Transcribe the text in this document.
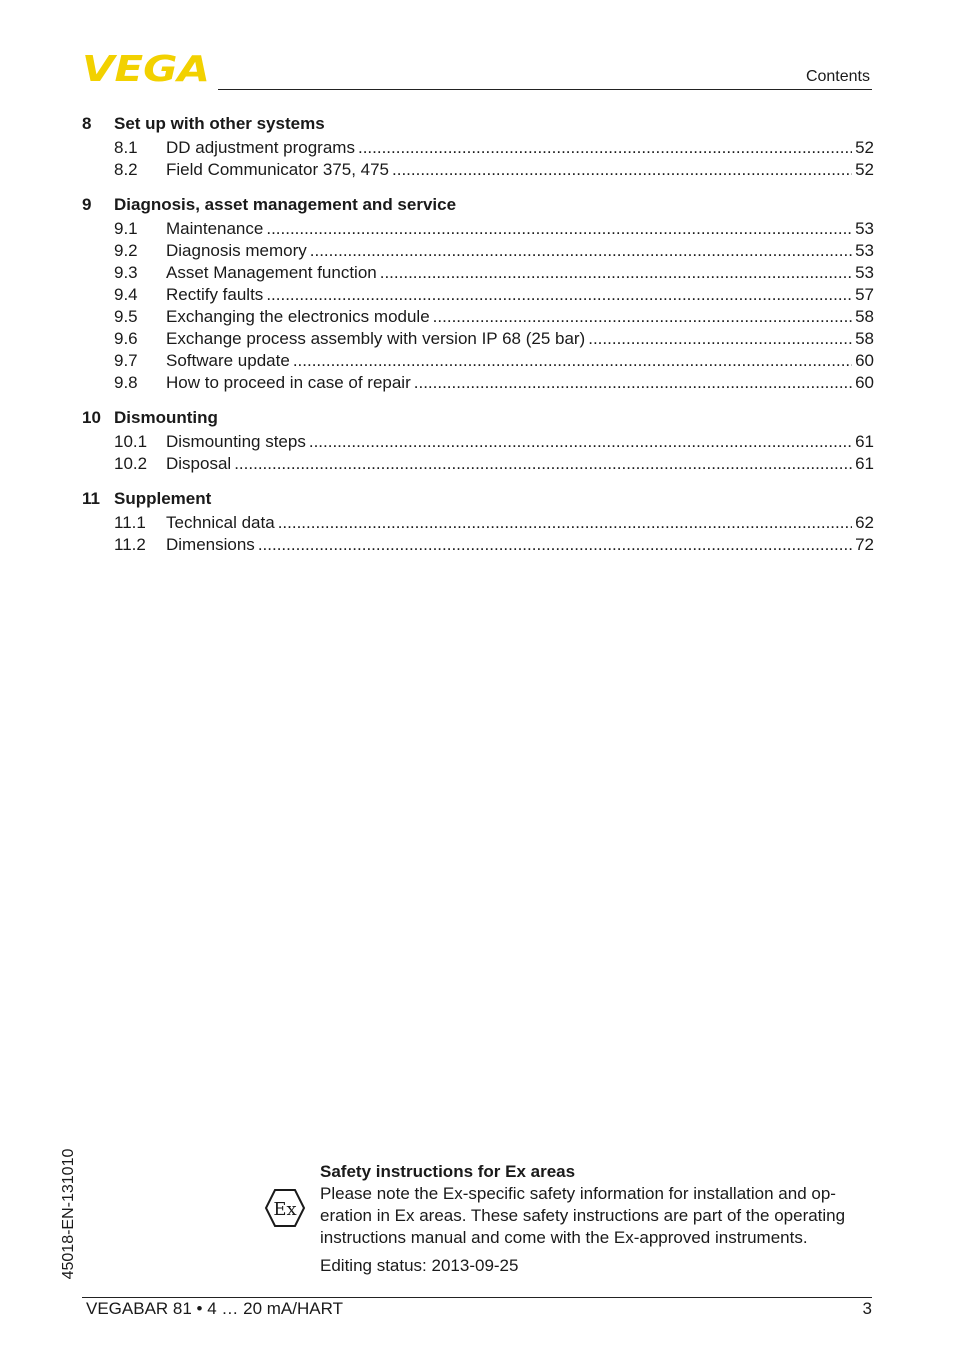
VEGA	Contents
8	Set up with other systems
8.1	DD adjustment programs .....	52
8.2	Field Communicator 375, 475 .....	52
9	Diagnosis, asset management and service
9.1	Maintenance .....	53
9.2	Diagnosis memory .....	53
9.3	Asset Management function .....	53
9.4	Rectify faults .....	57
9.5	Exchanging the electronics module .....	58
9.6	Exchange process assembly with version IP 68 (25 bar) .....	58
9.7	Software update .....	60
9.8	How to proceed in case of repair .....	60
10 Dismounting
10.1	Dismounting steps .....	61
10.2	Disposal .....	61
11 Supplement
11.1	Technical data .....	62
11.2	Dimensions .....	72
45018-EN-131010	Ex
Safety instructions for Ex areas
Please note the Ex-specific safety information for installation and op-
eration in Ex areas. These safety instructions are part of the operating
instructions manual and come with the Ex-approved instruments.
Editing status: 2013-09-25
VEGABAR 81 • 4 … 20 mA/HART	3
